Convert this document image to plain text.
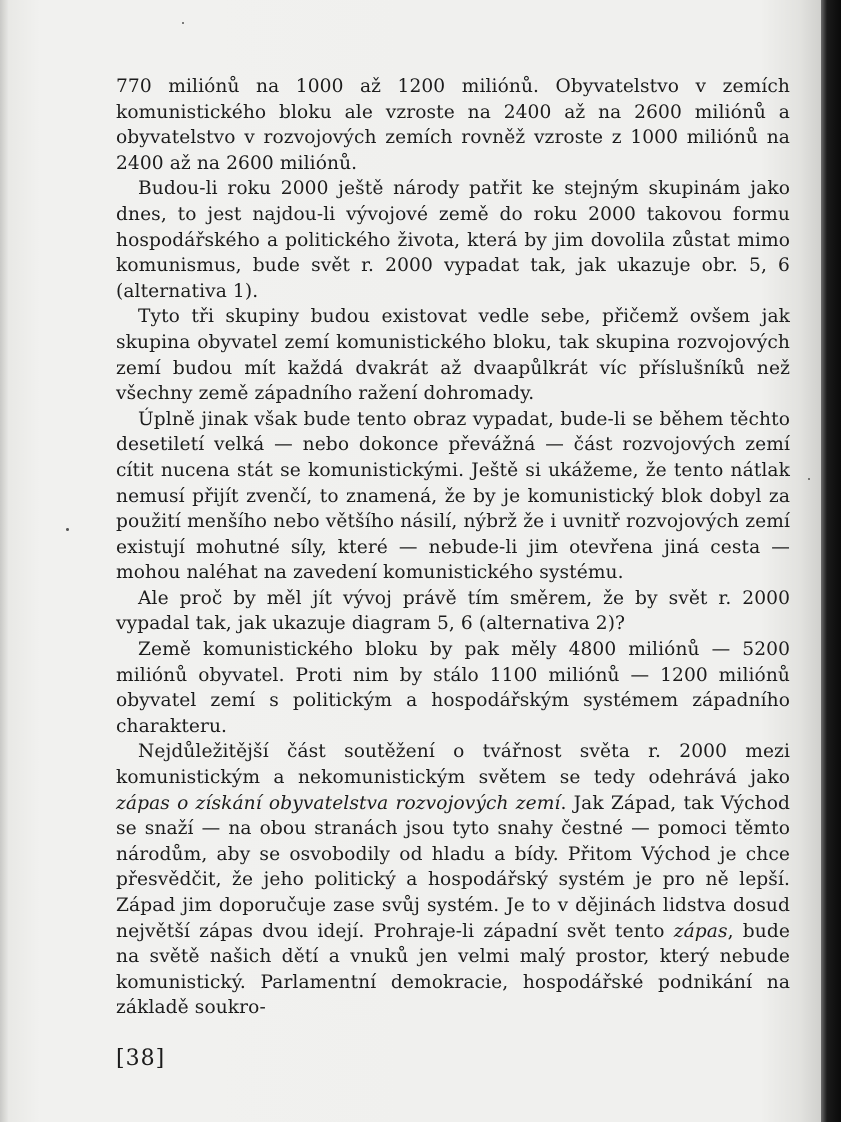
770 miliónů na 1000 až 1200 miliónů. Obyvatelstvo v zemích komunistického bloku ale vzroste na 2400 až na 2600 miliónů a obyvatelstvo v rozvojových zemích rovněž vzroste z 1000 miliónů na 2400 až na 2600 miliónů.

Budou-li roku 2000 ještě národy patřit ke stejným skupinám jako dnes, to jest najdou-li vývojové země do roku 2000 takovou formu hospodářského a politického života, která by jim dovolila zůstat mimo komunismus, bude svět r. 2000 vypadat tak, jak ukazuje obr. 5, 6 (alternativa 1).

Tyto tři skupiny budou existovat vedle sebe, přičemž ovšem jak skupina obyvatel zemí komunistického bloku, tak skupina rozvojových zemí budou mít každá dvakrát až dvaapůlkrát víc příslušníků než všechny země západního ražení dohromady.

Úplně jinak však bude tento obraz vypadat, bude-li se během těchto desetiletí velká — nebo dokonce převážná — část rozvojových zemí cítit nucena stát se komunistickými. Ještě si ukážeme, že tento nátlak nemusí přijít zvenčí, to znamená, že by je komunistický blok dobyl za použití menšího nebo většího násilí, nýbrž že i uvnitř rozvojových zemí existují mohutné síly, které — nebude-li jim otevřena jiná cesta — mohou naléhat na zavedení komunistického systému.

Ale proč by měl jít vývoj právě tím směrem, že by svět r. 2000 vypadal tak, jak ukazuje diagram 5, 6 (alternativa 2)?

Země komunistického bloku by pak měly 4800 miliónů — 5200 miliónů obyvatel. Proti nim by stálo 1100 miliónů — 1200 miliónů obyvatel zemí s politickým a hospodářským systémem západního charakteru.

Nejdůležitější část soutěžení o tvářnost světa r. 2000 mezi komunistickým a nekomunistickým světem se tedy odehrává jako zápas o získání obyvatelstva rozvojových zemí. Jak Západ, tak Východ se snaží — na obou stranách jsou tyto snahy čestné — pomoci těmto národům, aby se osvobodily od hladu a bídy. Přitom Východ je chce přesvědčit, že jeho politický a hospodářský systém je pro ně lepší. Západ jim doporučuje zase svůj systém. Je to v dějinách lidstva dosud největší zápas dvou idejí. Prohraje-li západní svět tento zápas, bude na světě našich dětí a vnuků jen velmi malý prostor, který nebude komunistický. Parlamentní demokracie, hospodářské podnikání na základě soukro-

[38]
